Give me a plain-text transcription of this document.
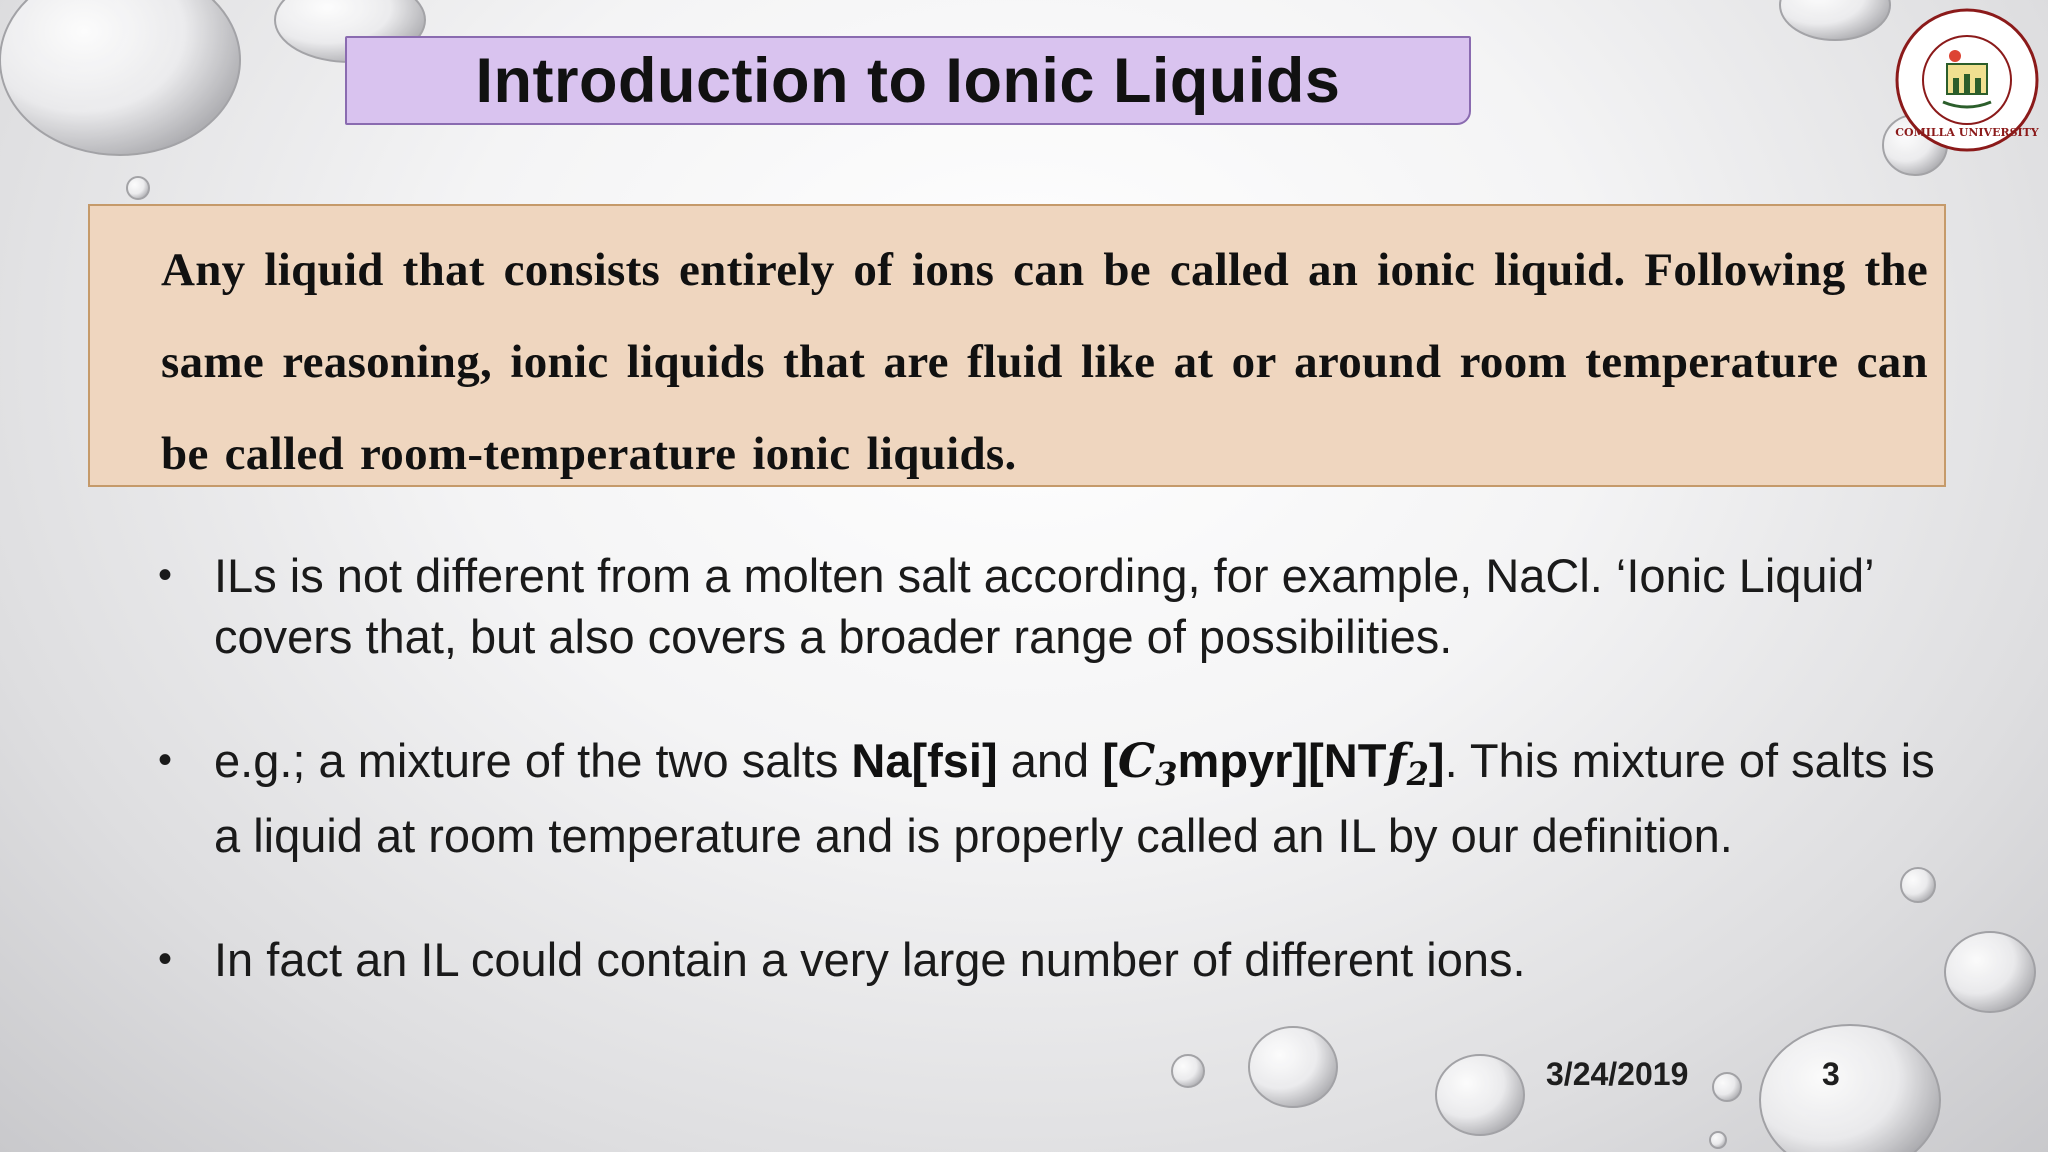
Introduction to Ionic Liquids
COMILLA UNIVERSITY

Any liquid that consists entirely of ions can be called an ionic liquid. Following the same reasoning, ionic liquids that are fluid like at or around room temperature can be called room-temperature ionic liquids.

• ILs is not different from a molten salt according, for example, NaCl. ‘Ionic Liquid’ covers that, but also covers a broader range of possibilities.
• e.g.; a mixture of the two salts Na[fsi] and $[C_3mpyr][NTf_2]$. This mixture of salts is a liquid at room temperature and is properly called an IL by our definition.
• In fact an IL could contain a very large number of different ions.
3/24/2019	3
